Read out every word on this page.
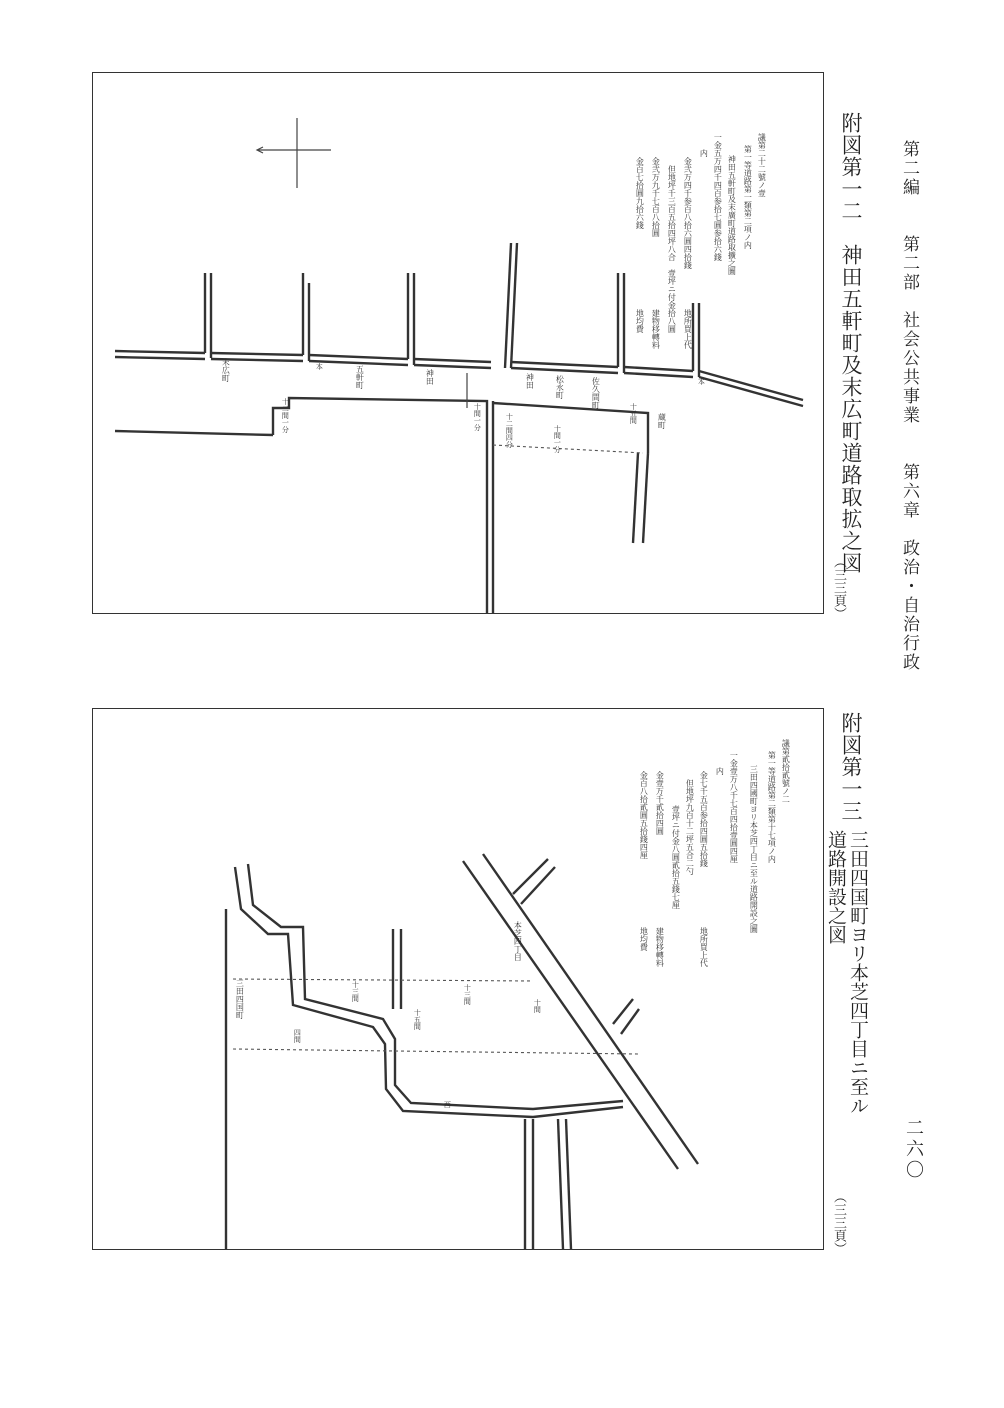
第二編　　第二部　社会公共事業　　第六章　政治・自治行政
二六〇
末広町	本	五軒町	神田	神田	松永町	佐久間町
蔵町
本
十二間一分	十間一分	十二間四分	十間一分
十五間
議第二十二號ノ壹
第一等道路第一類第二項ノ内
神田五軒町及末廣町道路取擴之圖
一金五万四千四百参拾七圓参拾六錢
内
金弐万四千参百八拾六圓四拾錢
地所買上代
但地坪千三百五拾四坪八合　壹坪ニ付金拾八圓
金弐万九千七百八拾圓
建物移轉料
金百七拾圓九拾六錢
地均費	附図第一二　神田五軒町及末広町道路取拡之図
（三三頁）
三田四国町	十三間
十五間
十三間
十間
四間
本芝四丁目
西
議第貳拾貳號ノ二
第一等道路第二類第十七項ノ内
三田四國町ヨリ本芝四丁目ニ至ル道路開設之圖
一金壹万八千七百四拾壹圓四厘
内
金七千五百参拾四圓五拾錢
地所買上代
但地坪九百十二坪五合二勺
壹坪ニ付金八圓貳拾五錢七厘
金壹万千貳拾四圓
建物移轉料
金百八拾貳圓五拾錢四厘
地均費
附図第一三
三田四国町ヨリ本芝四丁目ニ至ル
道路開設之図
（三三頁）
